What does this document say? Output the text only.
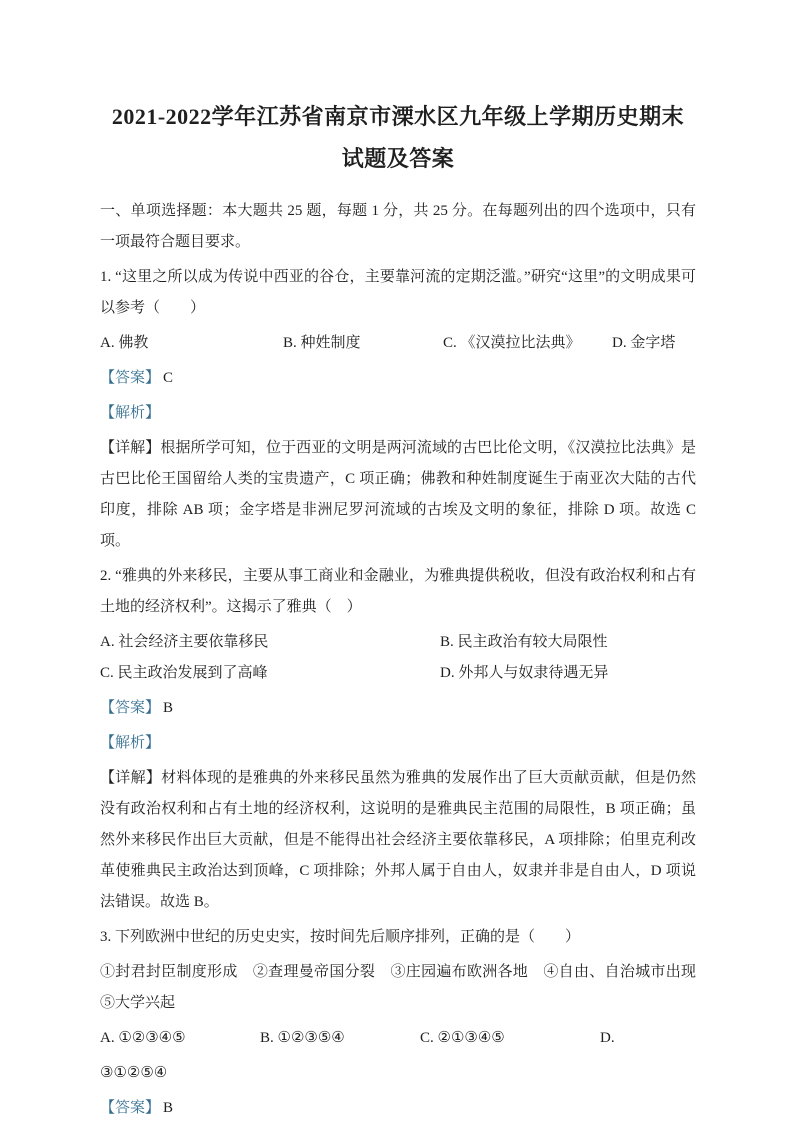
2021-2022学年江苏省南京市溧水区九年级上学期历史期末
试题及答案

一、单项选择题：本大题共 25 题，每题 1 分，共 25 分。在每题列出的四个选项中，只有一项最符合题目要求。

1. “这里之所以成为传说中西亚的谷仓，主要靠河流的定期泛滥。”研究“这里”的文明成果可以参考（　　）

A. 佛教	B. 种姓制度	C. 《汉漠拉比法典》	D. 金字塔

【答案】 C

【解析】

【详解】根据所学可知，位于西亚的文明是两河流域的古巴比伦文明，《汉漠拉比法典》是古巴比伦王国留给人类的宝贵遗产，C 项正确；佛教和种姓制度诞生于南亚次大陆的古代印度，排除 AB 项；金字塔是非洲尼罗河流域的古埃及文明的象征，排除 D 项。故选 C 项。

2. “雅典的外来移民，主要从事工商业和金融业，为雅典提供税收，但没有政治权利和占有土地的经济权利”。这揭示了雅典（　）

A. 社会经济主要依靠移民	B. 民主政治有较大局限性
C. 民主政治发展到了高峰	D. 外邦人与奴隶待遇无异

【答案】 B

【解析】

【详解】材料体现的是雅典的外来移民虽然为雅典的发展作出了巨大贡献贡献，但是仍然没有政治权利和占有土地的经济权利，这说明的是雅典民主范围的局限性，B 项正确；虽然外来移民作出巨大贡献，但是不能得出社会经济主要依靠移民，A 项排除；伯里克利改革使雅典民主政治达到顶峰，C 项排除；外邦人属于自由人，奴隶并非是自由人，D 项说法错误。故选 B。

3. 下列欧洲中世纪的历史史实，按时间先后顺序排列，正确的是（　　）

①封君封臣制度形成　②查理曼帝国分裂　③庄园遍布欧洲各地　④自由、自治城市出现　⑤大学兴起

A. ①②③④⑤	B. ①②③⑤④	C. ②①③④⑤	D.

③①②⑤④

【答案】 B
